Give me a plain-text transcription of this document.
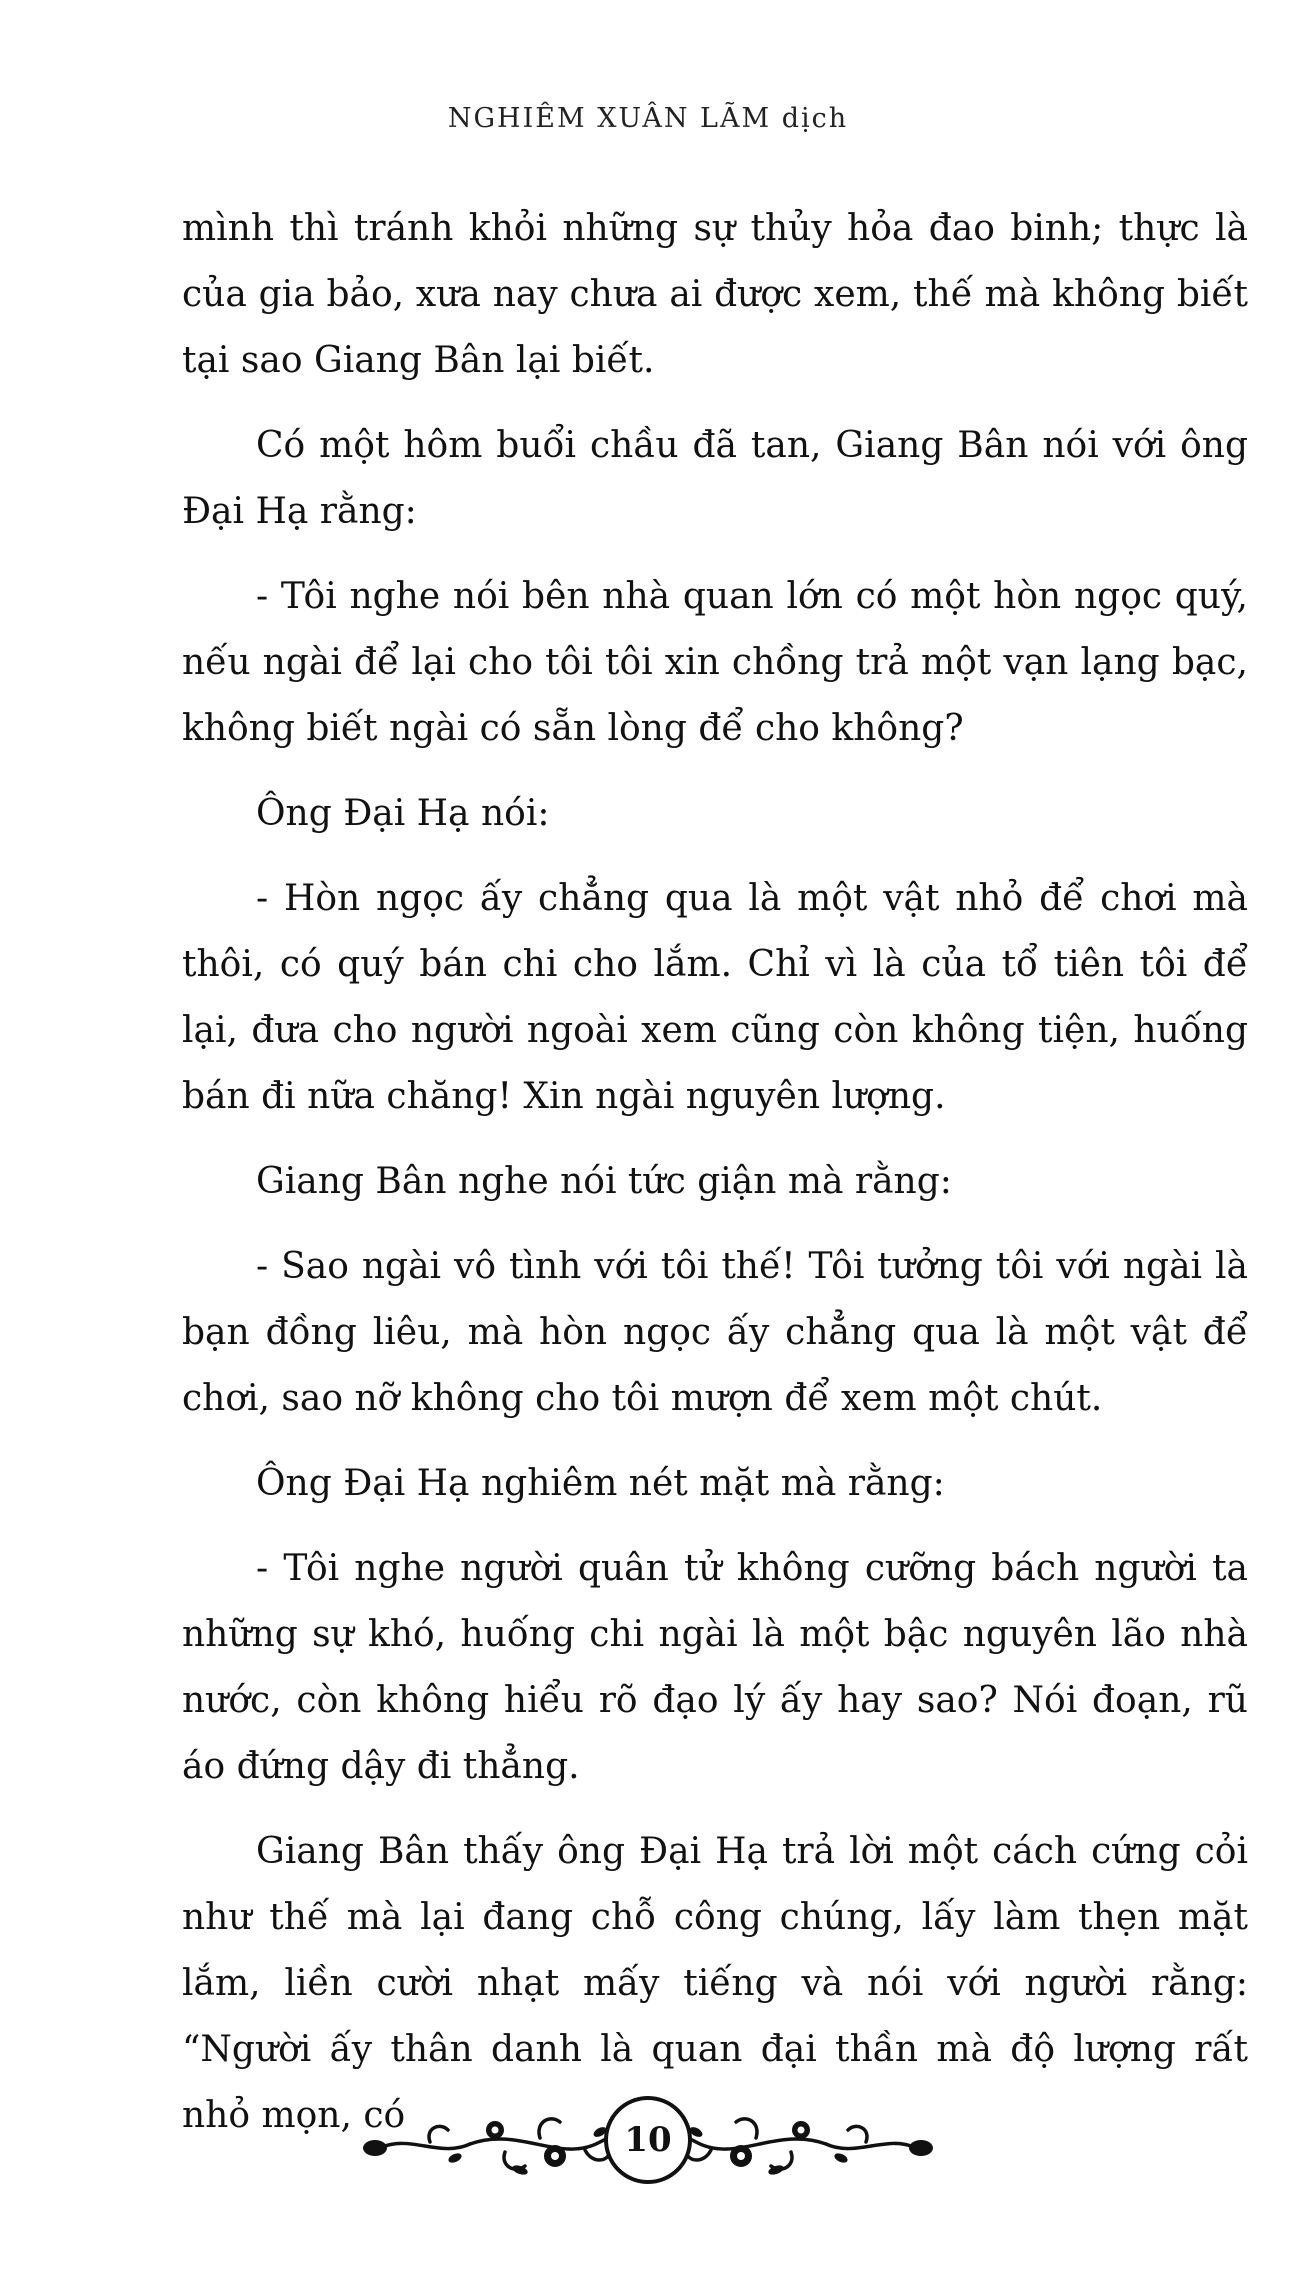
NGHIÊM XUÂN LÃM dịch

mình thì tránh khỏi những sự thủy hỏa đao binh; thực là của gia bảo, xưa nay chưa ai được xem, thế mà không biết tại sao Giang Bân lại biết.

Có một hôm buổi chầu đã tan, Giang Bân nói với ông Đại Hạ rằng:

- Tôi nghe nói bên nhà quan lớn có một hòn ngọc quý, nếu ngài để lại cho tôi tôi xin chồng trả một vạn lạng bạc, không biết ngài có sẵn lòng để cho không?

Ông Đại Hạ nói:

- Hòn ngọc ấy chẳng qua là một vật nhỏ để chơi mà thôi, có quý bán chi cho lắm. Chỉ vì là của tổ tiên tôi để lại, đưa cho người ngoài xem cũng còn không tiện, huống bán đi nữa chăng! Xin ngài nguyên lượng.

Giang Bân nghe nói tức giận mà rằng:

- Sao ngài vô tình với tôi thế! Tôi tưởng tôi với ngài là bạn đồng liêu, mà hòn ngọc ấy chẳng qua là một vật để chơi, sao nỡ không cho tôi mượn để xem một chút.

Ông Đại Hạ nghiêm nét mặt mà rằng:

- Tôi nghe người quân tử không cưỡng bách người ta những sự khó, huống chi ngài là một bậc nguyên lão nhà nước, còn không hiểu rõ đạo lý ấy hay sao? Nói đoạn, rũ áo đứng dậy đi thẳng.

Giang Bân thấy ông Đại Hạ trả lời một cách cứng cỏi như thế mà lại đang chỗ công chúng, lấy làm thẹn mặt lắm, liền cười nhạt mấy tiếng và nói với người rằng: “Người ấy thân danh là quan đại thần mà độ lượng rất nhỏ mọn, có

10
